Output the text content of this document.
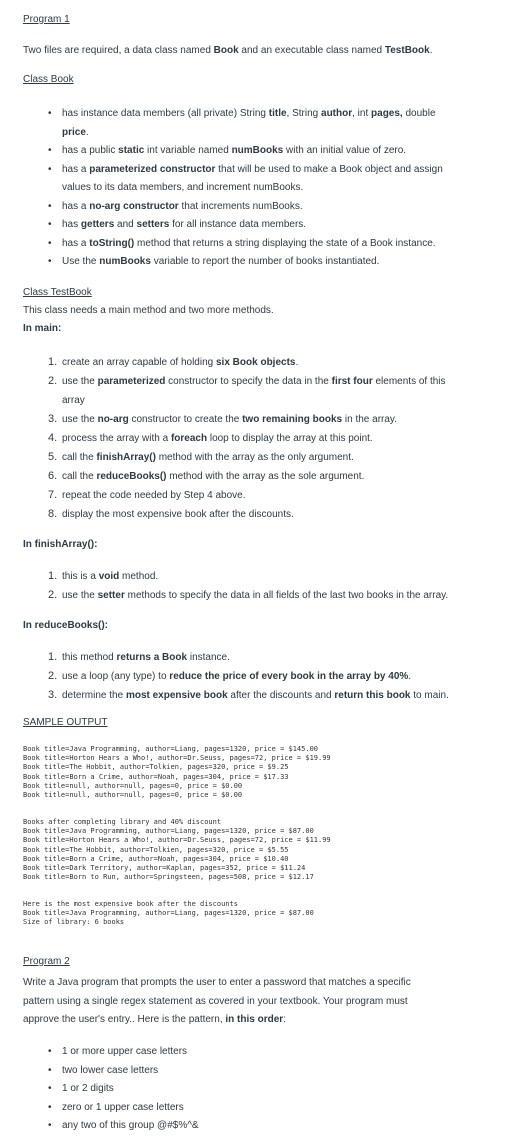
Program 1
Two files are required, a data class named Book and an executable class named TestBook.
Class Book
• has instance data members (all private) String title, String author, int pages, double
price.
• has a public static int variable named numBooks with an initial value of zero.
• has a parameterized constructor that will be used to make a Book object and assign
values to its data members, and increment numBooks.
• has a no-arg constructor that increments numBooks.
• has getters and setters for all instance data members.
• has a toString() method that returns a string displaying the state of a Book instance.
• Use the numBooks variable to report the number of books instantiated.
Class TestBook
This class needs a main method and two more methods.
In main:
1. create an array capable of holding six Book objects.
2. use the parameterized constructor to specify the data in the first four elements of this
array
3. use the no-arg constructor to create the two remaining books in the array.
4. process the array with a foreach loop to display the array at this point.
5. call the finishArray() method with the array as the only argument.
6. call the reduceBooks() method with the array as the sole argument.
7. repeat the code needed by Step 4 above.
8. display the most expensive book after the discounts.
In finishArray():
1. this is a void method.
2. use the setter methods to specify the data in all fields of the last two books in the array.
In reduceBooks():
1. this method returns a Book instance.
2. use a loop (any type) to reduce the price of every book in the array by 40%.
3. determine the most expensive book after the discounts and return this book to main.
SAMPLE OUTPUT
Book title=Java Programming, author=Liang, pages=1320, price = $145.00
Book title=Horton Hears a Who!, author=Dr.Seuss, pages=72, price = $19.99
Book title=The Hobbit, author=Tolkien, pages=320, price = $9.25
Book title=Born a Crime, author=Noah, pages=304, price = $17.33
Book title=null, author=null, pages=0, price = $0.00
Book title=null, author=null, pages=0, price = $0.00
Books after completing library and 40% discount
Book title=Java Programming, author=Liang, pages=1320, price = $87.00
Book title=Horton Hears a Who!, author=Dr.Seuss, pages=72, price = $11.99
Book title=The Hobbit, author=Tolkien, pages=320, price = $5.55
Book title=Born a Crime, author=Noah, pages=304, price = $10.40
Book title=Dark Territory, author=Kaplan, pages=352, price = $11.24
Book title=Born to Run, author=Springsteen, pages=508, price = $12.17
Here is the most expensive book after the discounts
Book title=Java Programming, author=Liang, pages=1320, price = $87.00
Size of library: 6 books
Program 2
Write a Java program that prompts the user to enter a password that matches a specific
pattern using a single regex statement as covered in your textbook. Your program must
approve the user's entry.. Here is the pattern, in this order:
• 1 or more upper case letters
• two lower case letters
• 1 or 2 digits
• zero or 1 upper case letters
• any two of this group @#$%^&
